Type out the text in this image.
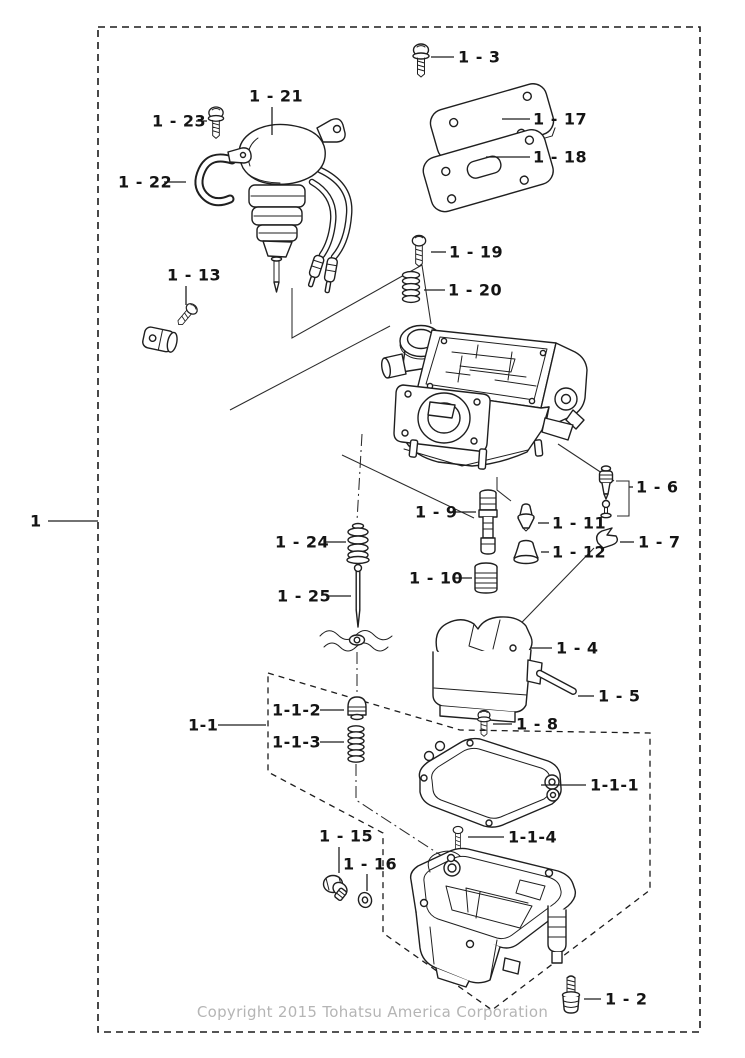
1
1-1
1-1-1
1-1-2
1-1-3
1-1-4
1 - 2
1 - 3
1 - 4
1 - 5
1 - 6
1 - 7
1 - 8
1 - 9
1 - 10
1 - 11
1 - 12
1 - 13
1 - 15
1 - 16
1 - 17
1 - 18
1 - 19
1 - 20
1 - 21
1 - 22
1 - 23
1 - 24
1 - 25
Copyright 2015 Tohatsu America Corporation
